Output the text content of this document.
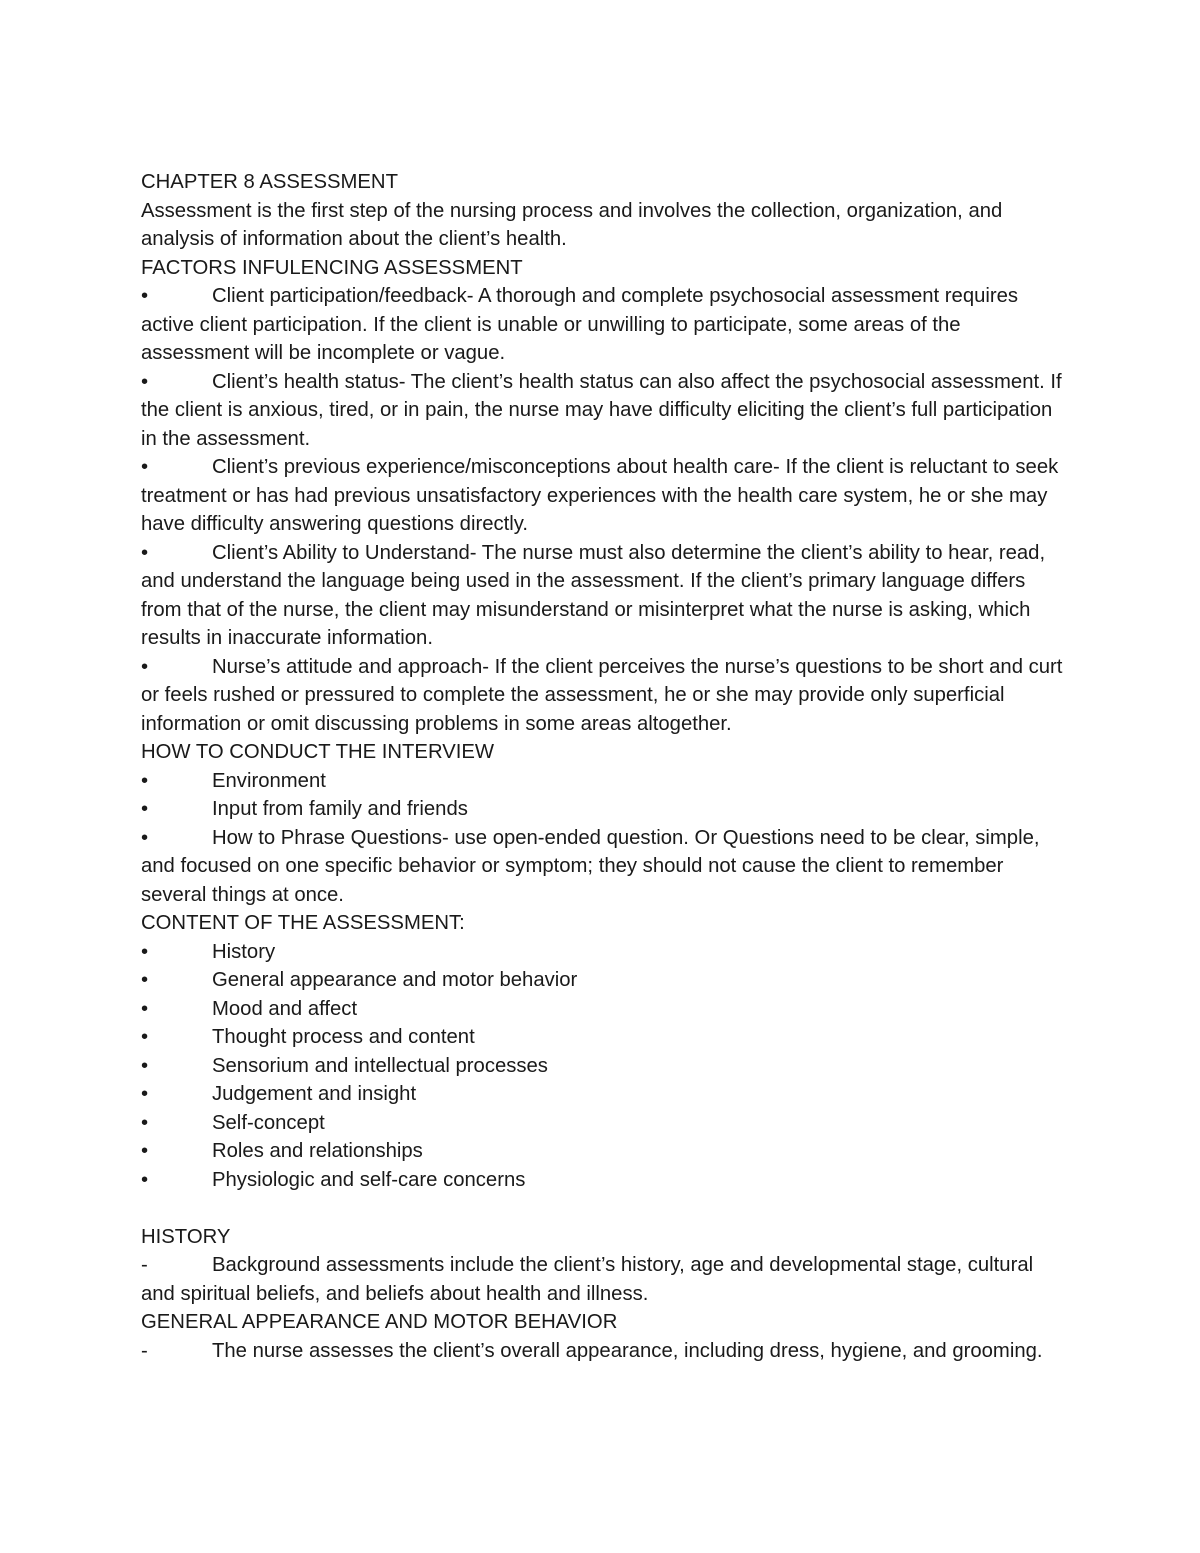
CHAPTER 8 ASSESSMENT
Assessment is the first step of the nursing process and involves the collection, organization, and analysis of information about the client’s health.
FACTORS INFULENCING ASSESSMENT
•	Client participation/feedback- A thorough and complete psychosocial assessment requires active client participation. If the client is unable or unwilling to participate, some areas of the assessment will be incomplete or vague.
•	Client’s health status- The client’s health status can also affect the psychosocial assessment. If the client is anxious, tired, or in pain, the nurse may have difficulty eliciting the client’s full participation in the assessment.
•	Client’s previous experience/misconceptions about health care- If the client is reluctant to seek treatment or has had previous unsatisfactory experiences with the health care system, he or she may have difficulty answering questions directly.
•	Client’s Ability to Understand- The nurse must also determine the client’s ability to hear, read, and understand the language being used in the assessment. If the client’s primary language differs from that of the nurse, the client may misunderstand or misinterpret what the nurse is asking, which results in inaccurate information.
•	Nurse’s attitude and approach- If the client perceives the nurse’s questions to be short and curt or feels rushed or pressured to complete the assessment, he or she may provide only superficial information or omit discussing problems in some areas altogether.
HOW TO CONDUCT THE INTERVIEW
•	Environment
•	Input from family and friends
•	How to Phrase Questions- use open-ended question. Or Questions need to be clear, simple, and focused on one specific behavior or symptom; they should not cause the client to remember several things at once.
CONTENT OF THE ASSESSMENT:
•	History
•	General appearance and motor behavior
•	Mood and affect
•	Thought process and content
•	Sensorium and intellectual processes
•	Judgement and insight
•	Self-concept
•	Roles and relationships
•	Physiologic and self-care concerns
HISTORY
-	Background assessments include the client’s history, age and developmental stage, cultural and spiritual beliefs, and beliefs about health and illness.
GENERAL APPEARANCE AND MOTOR BEHAVIOR
-	The nurse assesses the client’s overall appearance, including dress, hygiene, and grooming.
